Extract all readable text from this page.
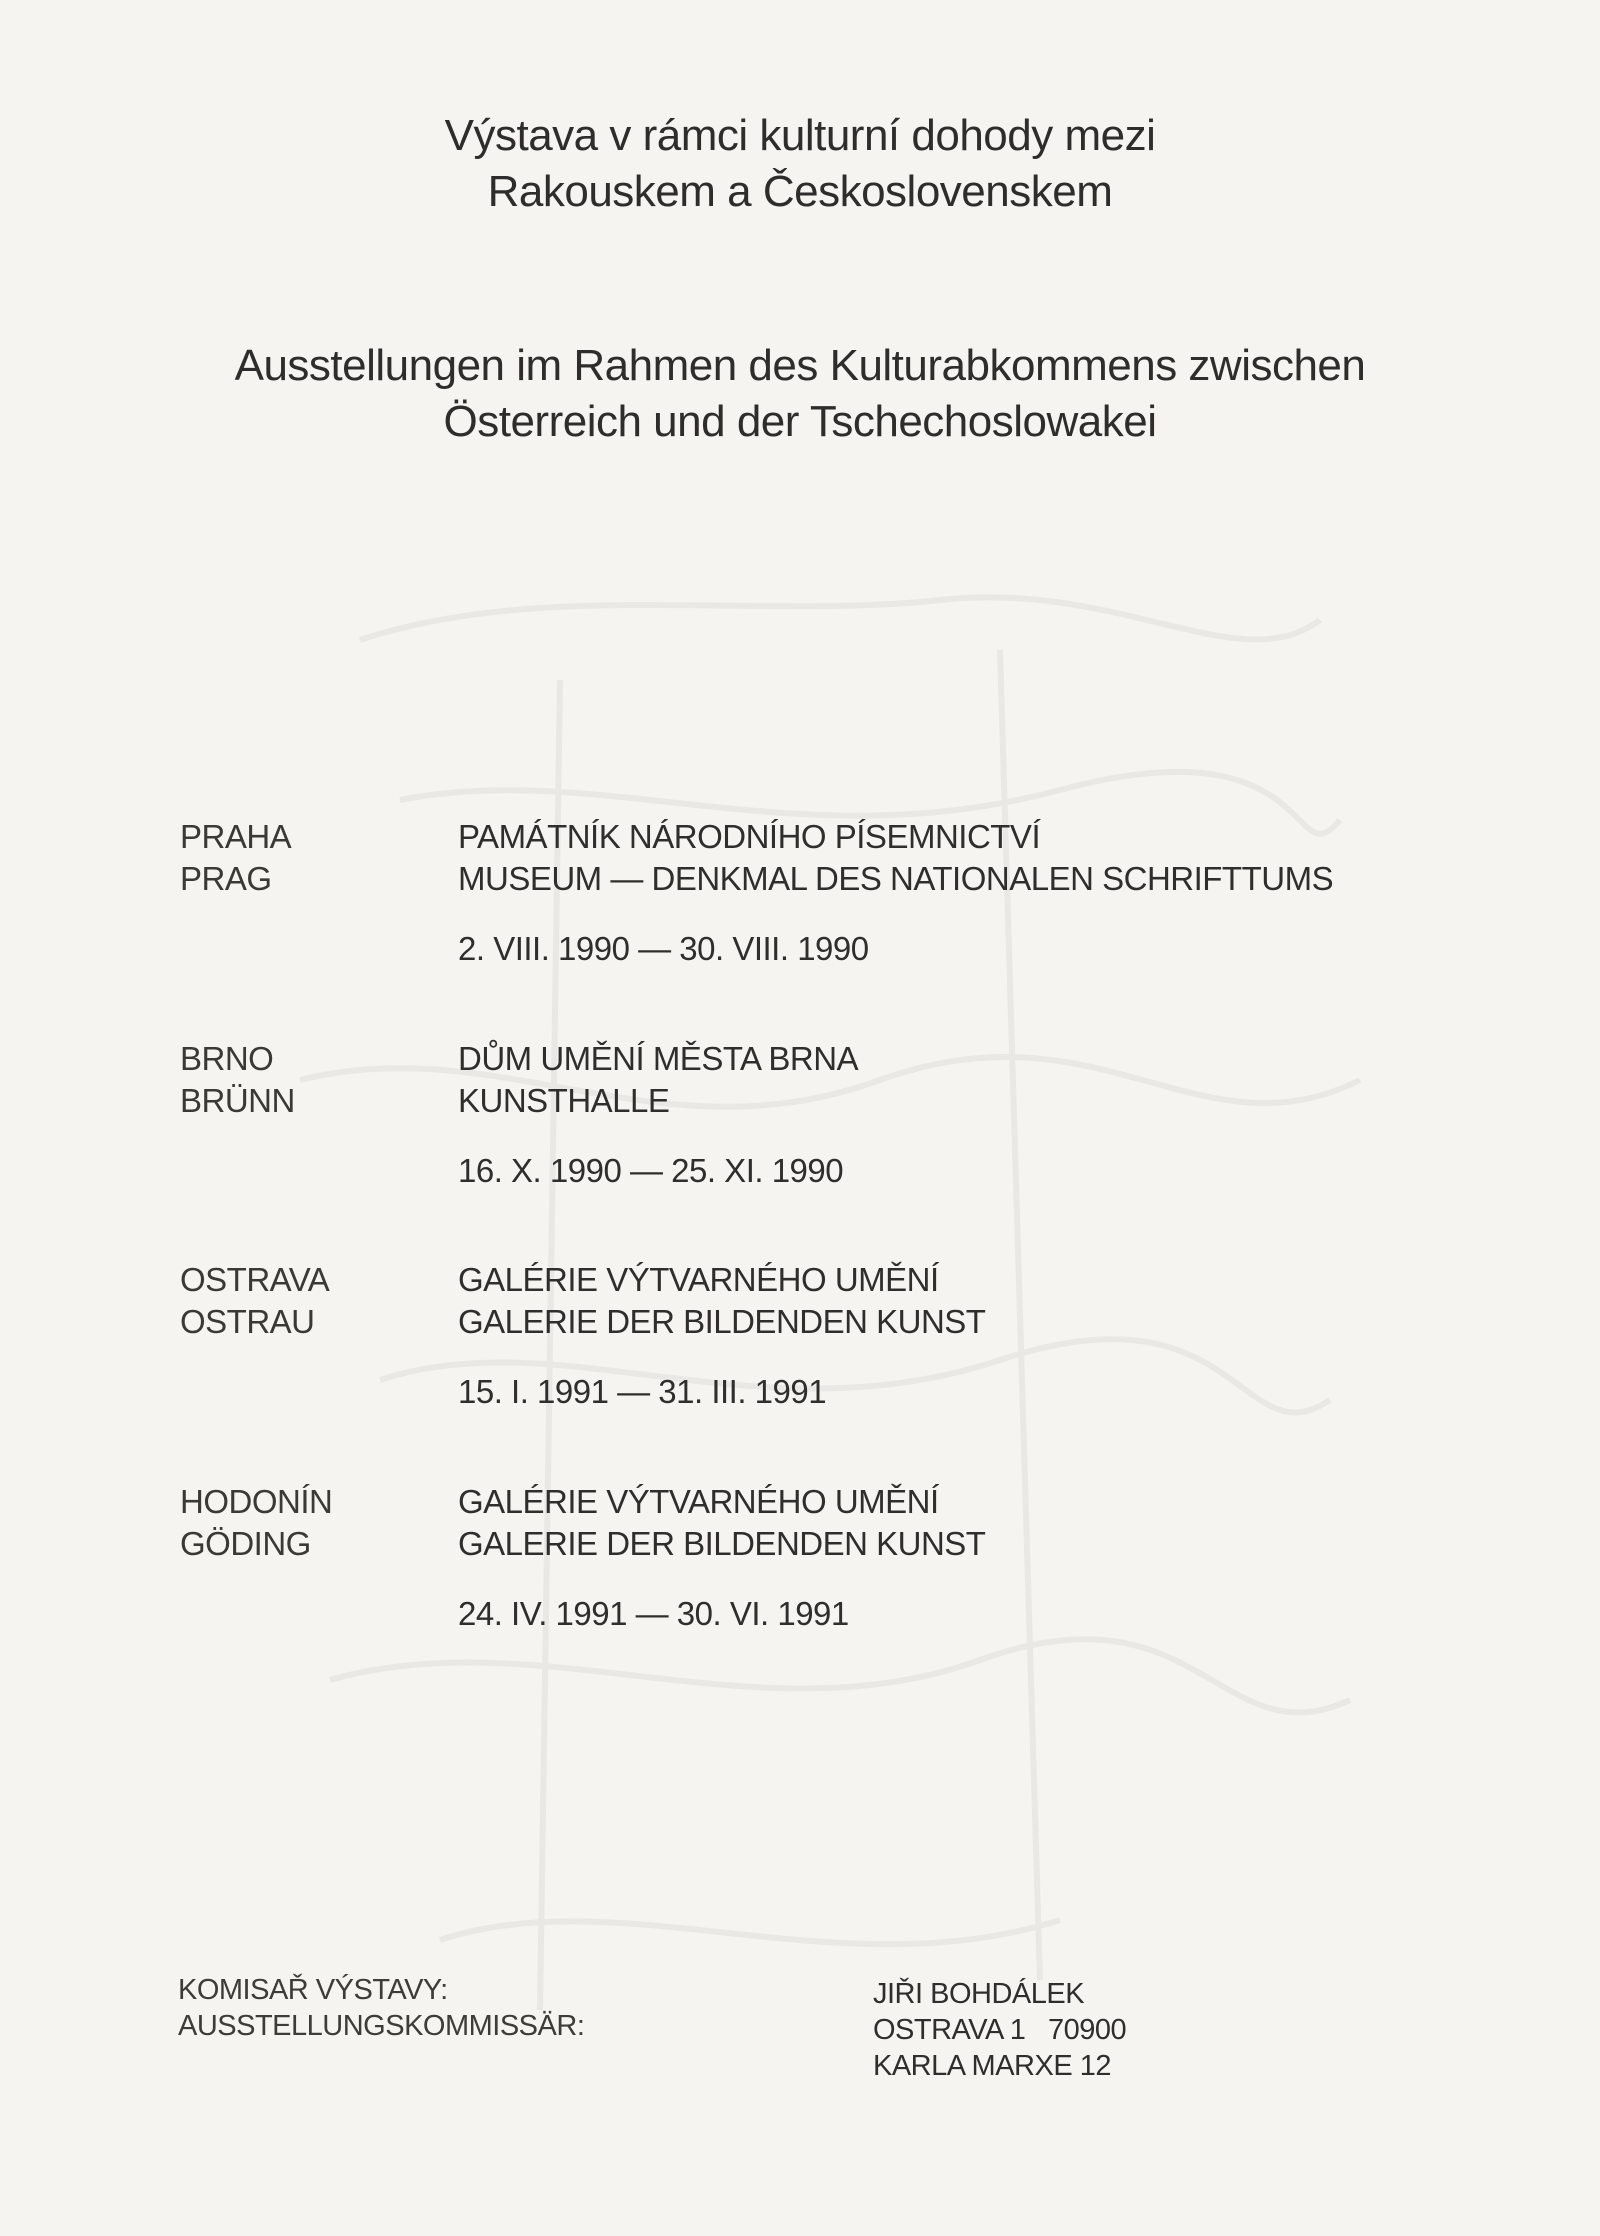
Výstava v rámci kulturní dohody mezi
Rakouskem a Československem
Ausstellungen im Rahmen des Kulturabkommens zwischen
Österreich und der Tschechoslowakei
PRAHA
PRAG
PAMÁTNÍK NÁRODNÍHO PÍSEMNICTVÍ
MUSEUM — DENKMAL DES NATIONALEN SCHRIFTTUMS
2. VIII. 1990 — 30. VIII. 1990
BRNO
BRÜNN
DŮM UMĚNÍ MĚSTA BRNA
KUNSTHALLE
16. X. 1990 — 25. XI. 1990
OSTRAVA
OSTRAU
GALÉRIE VÝTVARNÉHO UMĚNÍ
GALERIE DER BILDENDEN KUNST
15. I. 1991 — 31. III. 1991
HODONÍN
GÖDING
GALÉRIE VÝTVARNÉHO UMĚNÍ
GALERIE DER BILDENDEN KUNST
24. IV. 1991 — 30. VI. 1991
KOMISAŘ VÝSTAVY:
AUSSTELLUNGSKOMMISSÄR:
JIŘI BOHDÁLEK
OSTRAVA 1   70900
KARLA MARXE 12
